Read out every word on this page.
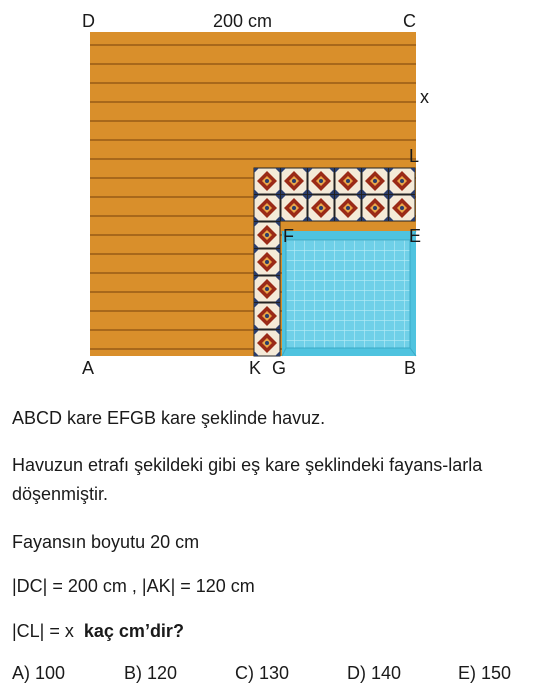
D	200 cm	C
x
L
F	E
A	K G	B

ABCD kare EFGB kare şeklinde havuz.

Havuzun etrafı şekildeki gibi eş kare şeklindeki fayans-larla döşenmiştir.

Fayansın boyutu 20 cm

|DC| = 200 cm , |AK| = 120 cm

|CL| = x kaç cm’dir?

A) 100	B) 120	C) 130	D) 140	E) 150
